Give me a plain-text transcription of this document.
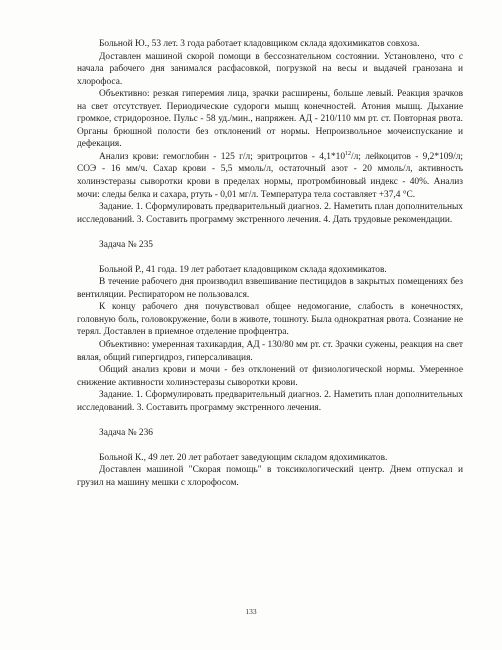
Больной Ю., 53 лет. 3 года работает кладовщиком склада ядохимикатов совхоза.

Доставлен машиной скорой помощи в бессознательном состоянии. Установлено, что с начала рабочего дня занимался расфасовкой, погрузкой на весы и выдачей гранозана и хлорофоса.

Объективно: резкая гиперемия лица, зрачки расширены, больше левый. Реакция зрачков на свет отсутствует. Периодические судороги мышц конечностей. Атония мышц. Дыхание громкое, стридорозное. Пульс - 58 уд./мин., напряжен. АД - 210/110 мм рт. ст. Повторная рвота. Органы брюшной полости без отклонений от нормы. Непроизвольное мочеиспускание и дефекация.

Анализ крови: гемоглобин - 125 г/л; эритроцитов - $4,1*10^{12}/л$; лейкоцитов - 9,2*109/л; СОЭ - 16 мм/ч. Сахар крови - 5,5 ммоль/л, остаточный азот - 20 ммоль/л, активность холинэстеразы сыворотки крови в пределах нормы, протромбиновый индекс - 40%. Анализ мочи: следы белка и сахара, ртуть - 0,01 мг/л. Температура тела составляет +37,4 °С.

Задание. 1. Сформулировать предварительный диагноз. 2. Наметить план дополнительных исследований. 3. Составить программу экстренного лечения. 4. Дать трудовые рекомендации.

Задача № 235

Больной Р., 41 года. 19 лет работает кладовщиком склада ядохимикатов.

В течение рабочего дня производил взвешивание пестицидов в закрытых помещениях без вентиляции. Респиратором не пользовался.

К концу рабочего дня почувствовал общее недомогание, слабость в конечностях, головную боль, головокружение, боли в животе, тошноту. Была однократная рвота. Сознание не терял. Доставлен в приемное отделение профцентра.

Объективно: умеренная тахикардия, АД - 130/80 мм рт. ст. Зрачки сужены, реакция на свет вялая, общий гипергидроз, гиперсаливация.

Общий анализ крови и мочи - без отклонений от физиологической нормы. Умеренное снижение активности холинэстеразы сыворотки крови.

Задание. 1. Сформулировать предварительный диагноз. 2. Наметить план дополнительных исследований. 3. Составить программу экстренного лечения.

Задача № 236

Больной К., 49 лет. 20 лет работает заведующим складом ядохимикатов.

Доставлен машиной "Скорая помощь" в токсикологический центр. Днем отпускал и грузил на машину мешки с хлорофосом.

133
